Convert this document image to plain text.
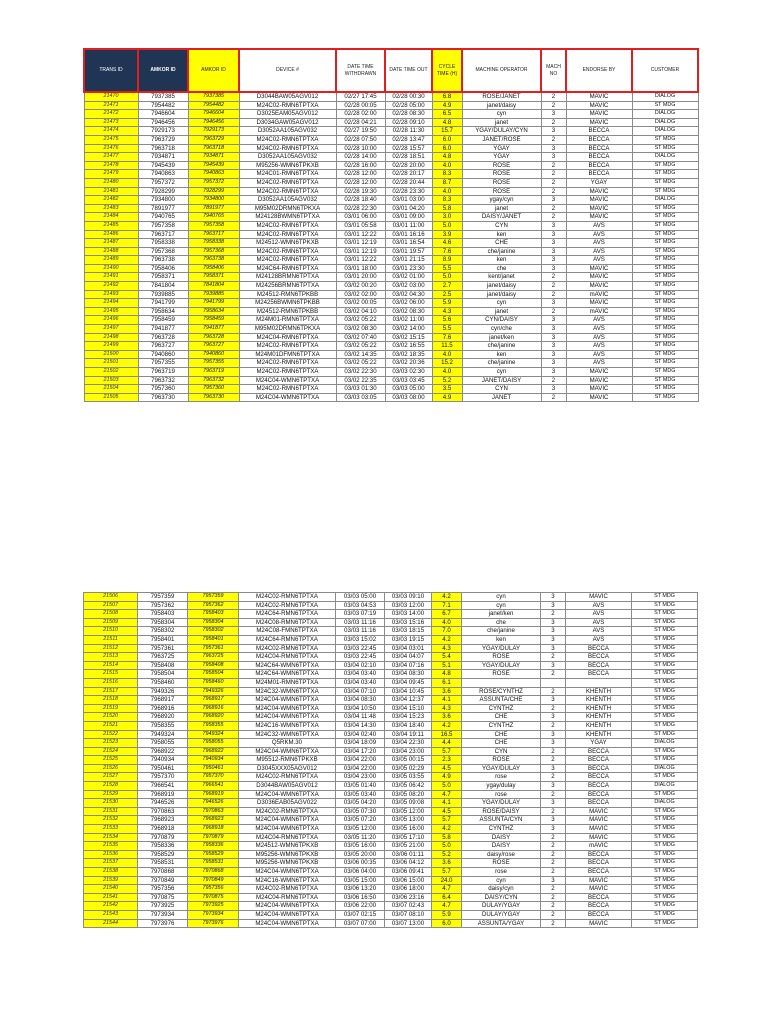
TRANS ID	AMKOR ID	AMKOR ID	DEVICE #	DATE TIME WITHDRAWN	DATE TIME OUT	CYCLE TIME (H)	MACHINE OPERATOR	MACH NO	ENDORSE BY	CUSTOMER
21470	7937385	7937385	D3044BAW05AGV012	02/27 17:45	02/28 00:30	6.8	ROSE/JANET	2	MAVIC	DIALOG
21471	7954482	7954482	M24C02-RMN6TPTXA	02/28 00:05	02/28 05:00	4.9	janet/daisy	2	MAVIC	ST MDG
21472	7946604	7946604	D3025EAM05AGV012	02/28 02:00	02/28 08:30	6.5	cyn	3	MAVIC	DIALOG
21473	7946456	7946456	D3034GAW05AGV012	02/28 04:21	02/28 09:10	4.8	janet	2	MAVIC	DIALOG
21474	7929173	7929173	D3052AA105AGV032	02/27 19:50	02/28 11:30	15.7	YGAY/DULAY/CYN	3	BECCA	DIALOG
21475	7963729	7963729	M24C02-RMN6TPTXA	02/28 07:50	02/28 13:47	6.0	JANET/ROSE	2	BECCA	ST MDG
21476	7963718	7963718	M24C02-RMN6TPTXA	02/28 10:00	02/28 15:57	6.0	YGAY	3	BECCA	ST MDG
21477	7934871	7934871	D3052AA105AGV032	02/28 14:00	02/28 18:51	4.8	YGAY	3	BECCA	DIALOG
21478	7945439	7945439	M95256-WMN6TPKXB	02/28 16:00	02/28 20:00	4.0	ROSE	2	BECCA	ST MDG
21479	7940863	7940863	M24C01-RMN6TPTXA	02/28 12:00	02/28 20:17	8.3	ROSE	2	BECCA	ST MDG
21480	7957372	7957372	M24C02-RMN6TPTXA	02/28 12:00	02/28 20:44	8.7	ROSE	2	YGAY	ST MDG
21481	7928299	7928299	M24C02-RMN6TPTXA	02/28 19:30	02/28 23:30	4.0	ROSE	2	MAVIC	ST MDG
21482	7934800	7934800	D3052AA105AGV032	02/28 18:40	03/01 03:00	8.3	ygay/cyn	3	MAVIC	DIALOG
21483	7891977	7891977	M95M02DRMN6TPKXA	02/28 22:30	03/01 04:20	5.8	janet	2	MAVIC	ST MDG
21484	7940765	7940765	M24128BWMN6TPTXA	03/01 06:00	03/01 09:00	3.0	DAISY/JANET	2	MAVIC	ST MDG
21485	7957358	7957358	M24C02-RMN6TPTXA	03/01 05:58	03/01 11:00	5.0	CYN	3	AVS	ST MDG
21486	7963717	7963717	M24C02-RMN6TPTXA	03/01 12:22	03/01 16:16	3.9	ken	3	AVS	ST MDG
21487	7958338	7958338	M24512-WMN6TPKXB	03/01 12:19	03/01 16:54	4.6	CHE	3	AVS	ST MDG
21488	7957368	7957368	M24C02-RMN6TPTXA	03/01 12:19	03/01 19:57	7.6	che/janine	3	AVS	ST MDG
21489	7963738	7963738	M24C02-RMN6TPTXA	03/01 12:22	03/01 21:15	8.9	ken	3	AVS	ST MDG
21490	7958406	7958406	M24C64-RMN6TPTXA	03/01 18:00	03/01 23:30	5.5	che	3	MAVIC	ST MDG
21491	7958371	7958371	M24128BRMN6TPTXA	03/01 20:00	03/02 01:00	5.0	kent/janet	2	MAVIC	ST MDG
21492	7841804	7841804	M24256BRMN6TPTXA	03/02 00:20	03/02 03:00	2.7	janet/daisy	2	MAVIC	ST MDG
21493	7939885	7939885	M24512-RMN6TPKBB	03/02 02:00	03/02 04:30	2.5	janet/daisy	2	mAVIC	ST MDG
21494	7941799	7941799	M24256BWMN6TPKBB	03/02 00:05	03/02 06:00	5.9	cyn	3	MAVIC	ST MDG
21495	7958634	7958634	M24512-RMN6TPKBB	03/02 04:10	03/02 08:30	4.3	janet	2	mAVIC	ST MDG
21496	7958459	7958459	M24M01-RMN6TPTXA	03/02 05:22	03/02 11:00	5.6	CYN/DAISY	3	AVS	ST MDG
21497	7941877	7941877	M95M02DRMN6TPKXA	03/02 08:30	03/02 14:00	5.5	cyn/che	3	AVS	ST MDG
21498	7963728	7963728	M24C04-RMN6TPTXA	03/02 07:40	03/02 15:15	7.6	janet/ken	3	AVS	ST MDG
21499	7963727	7963727	M24C02-RMN6TPTXA	03/02 05:22	03/02 16:55	11.5	che/janine	3	AVS	ST MDG
21500	7940860	7940860	M24M01DFMN6TPTXA	03/02 14:35	03/02 18:35	4.0	ken	3	AVS	ST MDG
21501	7957355	7957355	M24C02-RMN6TPTXA	03/02 05:22	03/02 20:36	15.2	che/janine	3	AVS	ST MDG
21502	7963719	7963719	M24C02-RMN6TPTXA	03/02 22:30	03/03 02:30	4.0	cyn	3	MAVIC	ST MDG
21503	7963732	7963732	M24C04-WMN6TPTXA	03/02 22:35	03/03 03:45	5.2	JANET/DAISY	2	MAVIC	ST MDG
21504	7957360	7957360	M24C02-RMN6TPTXA	03/03 01:30	03/03 05:00	3.5	CYN	3	MAVIC	ST MDG
21505	7963730	7963730	M24C04-WMN6TPTXA	03/03 03:05	03/03 08:00	4.9	JANET	2	MAVIC	ST MDG
21506	7957359	7957359	M24C02-RMN6TPTXA	03/03 05:00	03/03 09:10	4.2	cyn	3	MAVIC	ST MDG
21507	7957362	7957362	M24C02-RMN6TPTXA	03/03 04:53	03/03 12:00	7.1	cyn	3	AVS	ST MDG
21508	7958403	7958403	M24C64-RMN6TPTXA	03/03 07:19	03/03 14:00	6.7	janet/ken	2	AVS	ST MDG
21509	7958304	7958304	M24C08-RMN6TPTXA	03/03 11:16	03/03 15:16	4.0	che	3	AVS	ST MDG
21510	7958302	7958302	M24C08-FMN6TPTXA	03/03 11:16	03/03 18:15	7.0	che/janine	3	AVS	ST MDG
21511	7958401	7958401	M24C64-RMN6TPTXA	03/03 15:02	03/03 19:15	4.2	ken	3	AVS	ST MDG
21512	7957361	7957361	M24C02-RMN6TPTXA	03/03 22:45	03/04 03:01	4.3	YGAY/DULAY	3	BECCA	ST MDG
21513	7963725	7963725	M24C04-RMN6TPTXA	03/03 22:45	03/04 04:07	5.4	ROSE	2	BECCA	ST MDG
21514	7958408	7958408	M24C64-WMN6TPTXA	03/04 02:10	03/04 07:16	5.1	YGAY/DULAY	3	BECCA	ST MDG
21515	7958504	7958504	M24C64-WMN6TPTXA	03/04 03:40	03/04 08:30	4.8	ROSE	2	BECCA	ST MDG
21516	7958460	7958460	M24M01-RMN6TPTXA	03/04 03:40	03/04 09:45	6.1				ST MDG
21517	7949326	7949326	M24C32-WMN6TPTXA	03/04 07:10	03/04 10:45	3.6	ROSE/CYNTHZ	2	KHENTH	ST MDG
21518	7968917	7968917	M24C04-WMN6TPTXA	03/04 08:30	03/04 12:37	4.1	ASSUNTA/CHE	3	KHENTH	ST MDG
21519	7968916	7968916	M24C04-WMN6TPTXA	03/04 10:50	03/04 15:10	4.3	CYNTHZ	2	KHENTH	ST MDG
21520	7968920	7968920	M24C04-WMN6TPTXA	03/04 11:48	03/04 15:23	3.6	CHE	3	KHENTH	ST MDG
21521	7958355	7958355	M24C16-WMN6TPTXA	03/04 14:30	03/04 18:40	4.2	CYNTHZ	2	KHENTH	ST MDG
21522	7949324	7949324	M24C32-WMN6TPTXA	03/04 02:40	03/04 19:11	16.5	CHE	3	KHENTH	ST MDG
21523	7958055	7958055	Q5RKM.30	03/04 18:09	03/04 22:30	4.4	CHE	3	YGAY	DIALOG
21524	7968922	7968922	M24C04-WMN6TPTXA	03/04 17:20	03/04 23:00	5.7	CYN	2	BECCA	ST MDG
21525	7940934	7940934	M95512-RMN6TPKXB	03/04 22:00	03/05 00:15	2.3	ROSE	2	BECCA	ST MDG
21526	7950461	7950461	D3045XXX05AGV012	03/04 22:00	03/05 02:29	4.5	YGAY/DULAY	3	BECCA	DIALOG
21527	7957370	7957370	M24C02-RMN6TPTXA	03/04 23:00	03/05 03:55	4.9	rose	2	BECCA	ST MDG
21528	7966541	7966541	D3044BAW05AGV012	03/05 01:40	03/05 06:42	5.0	ygay/dulay	3	BECCA	DIALOG
21529	7968919	7968919	M24C04-WMN6TPTXA	03/05 03:40	03/05 08:20	4.7	rose	2	BECCA	ST MDG
21530	7946526	7946526	D3036EAB05AGV022	03/05 04:20	03/05 09:08	4.1	YGAY/DULAY	3	BECCA	DIALOG
21531	7970863	7970863	M24C02-RMN6TPTXA	03/05 07:30	03/05 12:00	4.5	ROSE/DAISY	2	MAVIC	ST MDG
21532	7968923	7968923	M24C04-WMN6TPTXA	03/05 07:20	03/05 13:00	5.7	ASSUNTA/CYN	3	MAVIC	ST MDG
21533	7968918	7968918	M24C04-WMN6TPTXA	03/05 12:00	03/05 16:00	4.2	CYNTHZ	3	MAVIC	ST MDG
21534	7970879	7970879	M24C04-RMN6TPTXA	03/05 11:20	03/05 17:10	5.8	DAISY	2	MAVIC	ST MDG
21535	7958336	7958336	M24512-WMN6TPKXB	03/05 16:00	03/05 21:00	5.0	DAISY	2	mAVIC	ST MDG
21536	7958529	7958529	M95256-WMN6TPKXB	03/05 20:00	03/06 01:11	5.2	daisy/rose	2	BECCA	ST MDG
21537	7958531	7958531	M95256-WMN6TPKXB	03/06 00:35	03/06 04:12	3.6	ROSE	2	BECCA	ST MDG
21538	7970868	7970868	M24C04-WMN6TPTXA	03/06 04:00	03/06 09:41	5.7	rose	2	BECCA	ST MDG
21539	7970849	7970849	M24C16-WMN6TPTXA	03/05 15:00	03/06 15:00	24.0	cyn	3	MAVIC	ST MDG
21540	7957356	7957356	M24C02-RMN6TPTXA	03/06 13:20	03/06 18:00	4.7	daisy/cyn	2	MAVIC	ST MDG
21541	7970875	7970875	M24C04-RMN6TPTXA	03/06 16:50	03/06 23:16	6.4	DAISY/CYN	2	BECCA	ST MDG
21542	7973925	7973925	M24C04-WMN6TPTXA	03/06 22:00	03/07 02:43	4.7	DULAY/YGAY	2	BECCA	ST MDG
21543	7973934	7973934	M24C04-WMN6TPTXA	03/07 02:15	03/07 08:10	5.9	DULAY/YGAY	2	BECCA	ST MDG
21544	7973976	7973976	M24C04-WMN6TPTXA	03/07 07:00	03/07 13:00	6.0	ASSUNTA/YGAY	2	MAVIC	ST MDG
